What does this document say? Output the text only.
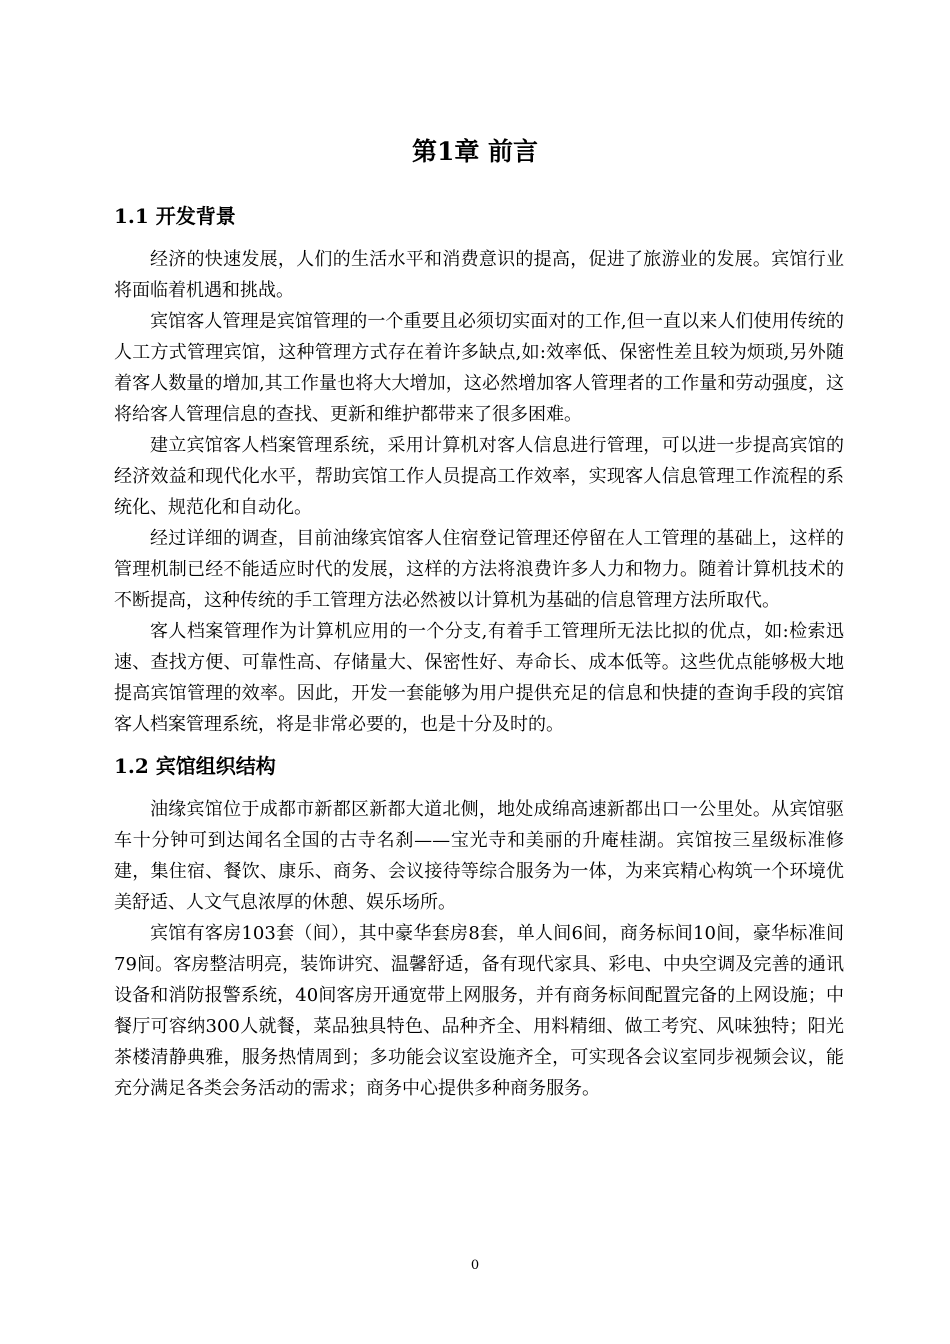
第1章 前言
1.1 开发背景

经济的快速发展，人们的生活水平和消费意识的提高，促进了旅游业的发展。宾馆行业将面临着机遇和挑战。

宾馆客人管理是宾馆管理的一个重要且必须切实面对的工作,但一直以来人们使用传统的人工方式管理宾馆，这种管理方式存在着许多缺点,如:效率低、保密性差且较为烦琐,另外随着客人数量的增加,其工作量也将大大增加，这必然增加客人管理者的工作量和劳动强度，这将给客人管理信息的查找、更新和维护都带来了很多困难。

建立宾馆客人档案管理系统，采用计算机对客人信息进行管理，可以进一步提高宾馆的经济效益和现代化水平，帮助宾馆工作人员提高工作效率，实现客人信息管理工作流程的系统化、规范化和自动化。

经过详细的调查，目前油缘宾馆客人住宿登记管理还停留在人工管理的基础上，这样的管理机制已经不能适应时代的发展，这样的方法将浪费许多人力和物力。随着计算机技术的不断提高，这种传统的手工管理方法必然被以计算机为基础的信息管理方法所取代。

客人档案管理作为计算机应用的一个分支,有着手工管理所无法比拟的优点，如:检索迅速、查找方便、可靠性高、存储量大、保密性好、寿命长、成本低等。这些优点能够极大地提高宾馆管理的效率。因此，开发一套能够为用户提供充足的信息和快捷的查询手段的宾馆客人档案管理系统，将是非常必要的，也是十分及时的。

1.2 宾馆组织结构

油缘宾馆位于成都市新都区新都大道北侧，地处成绵高速新都出口一公里处。从宾馆驱车十分钟可到达闻名全国的古寺名刹——宝光寺和美丽的升庵桂湖。宾馆按三星级标准修建，集住宿、餐饮、康乐、商务、会议接待等综合服务为一体，为来宾精心构筑一个环境优美舒适、人文气息浓厚的休憩、娱乐场所。

宾馆有客房103套（间），其中豪华套房8套，单人间6间，商务标间10间，豪华标准间79间。客房整洁明亮，装饰讲究、温馨舒适，备有现代家具、彩电、中央空调及完善的通讯设备和消防报警系统，40间客房开通宽带上网服务，并有商务标间配置完备的上网设施；中餐厅可容纳300人就餐，菜品独具特色、品种齐全、用料精细、做工考究、风味独特；阳光茶楼清静典雅，服务热情周到；多功能会议室设施齐全，可实现各会议室同步视频会议，能充分满足各类会务活动的需求；商务中心提供多种商务服务。

0
